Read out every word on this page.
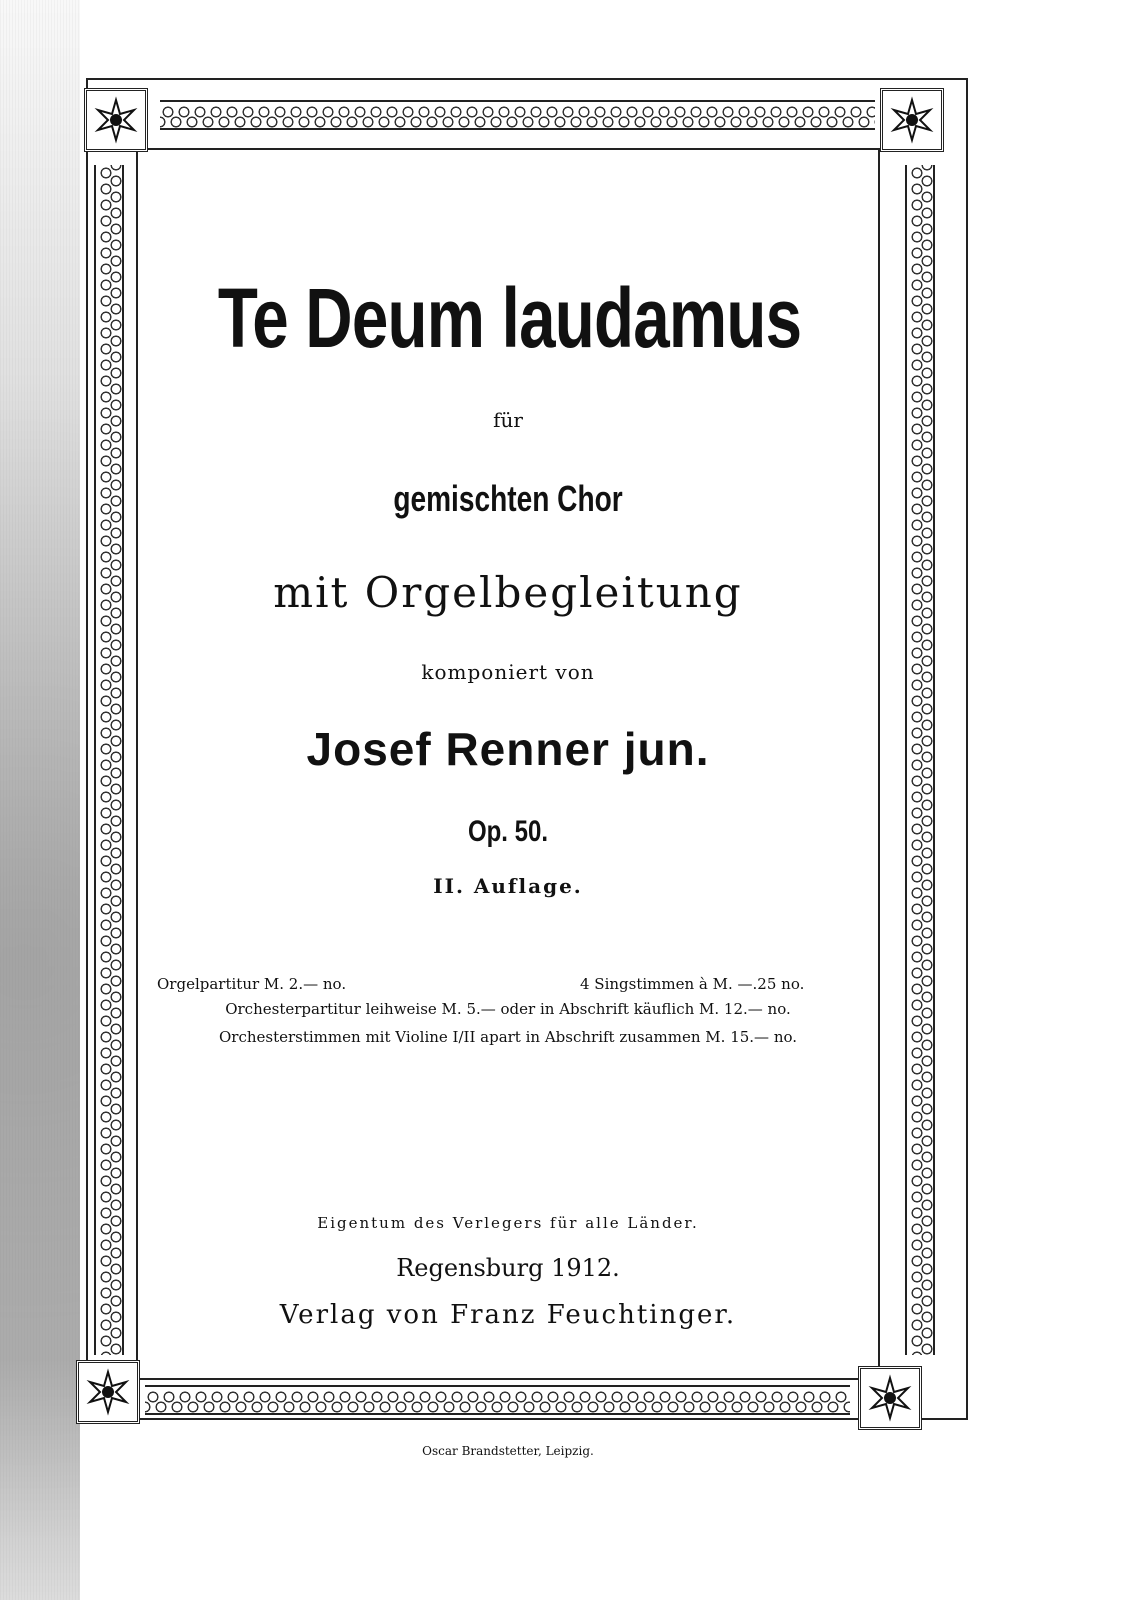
Te Deum laudamus
für
gemischten Chor
mit Orgelbegleitung
komponiert von
Josef Renner jun.
Op. 50.
II. Auflage.
Orgelpartitur M. 2.— no.	4 Singstimmen à M. —.25 no.
Orchesterpartitur leihweise M. 5.— oder in Abschrift käuflich M. 12.— no.
Orchesterstimmen mit Violine I/II apart in Abschrift zusammen M. 15.— no.
Eigentum des Verlegers für alle Länder.
Regensburg 1912.
Verlag von Franz Feuchtinger.
Oscar Brandstetter, Leipzig.
